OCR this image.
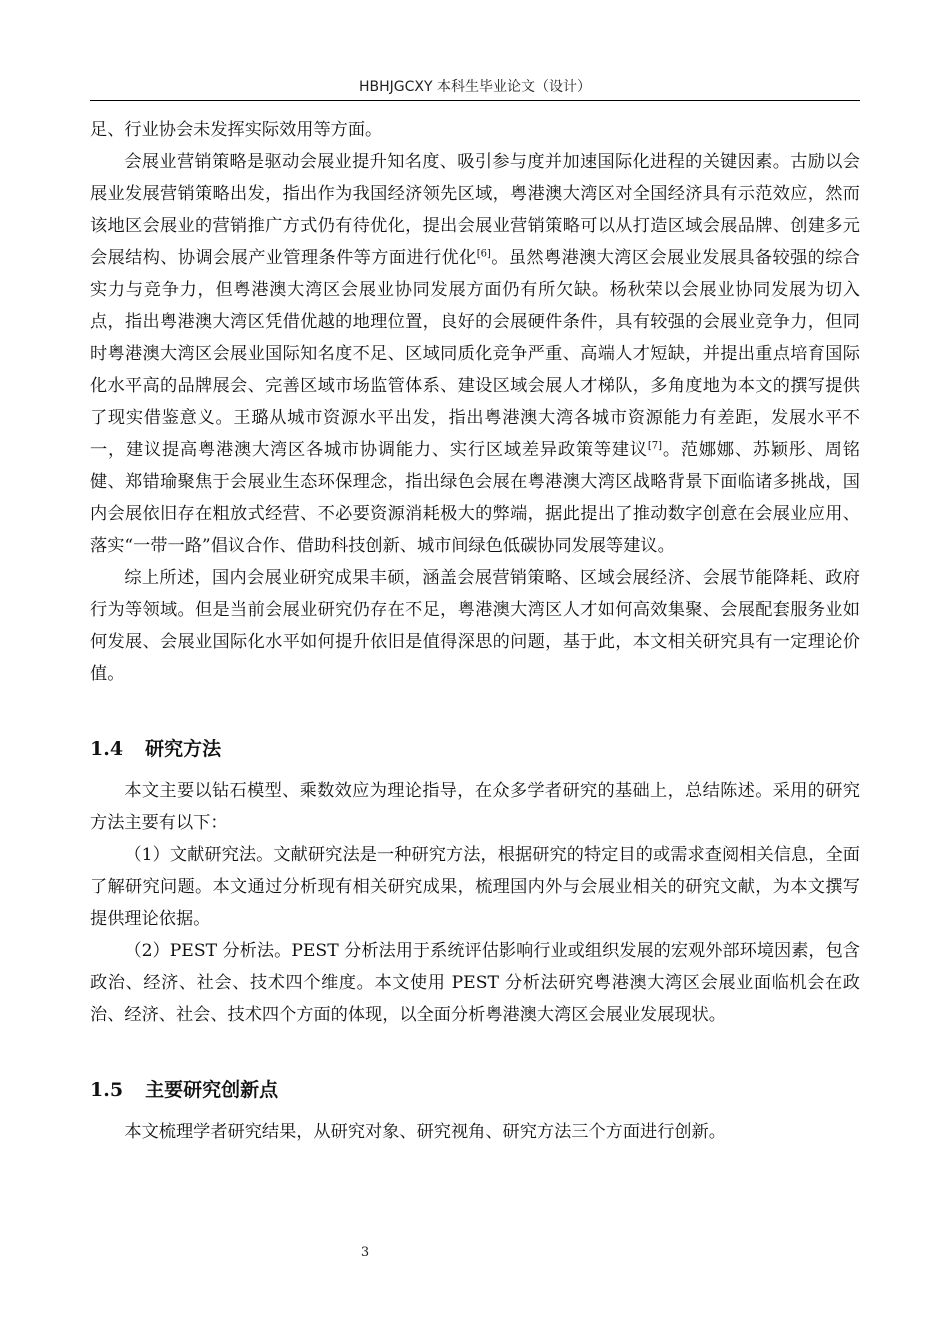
HBHJGCXY 本科生毕业论文（设计）

足、行业协会未发挥实际效用等方面。

会展业营销策略是驱动会展业提升知名度、吸引参与度并加速国际化进程的关键因素。古励以会展业发展营销策略出发，指出作为我国经济领先区域，粤港澳大湾区对全国经济具有示范效应，然而该地区会展业的营销推广方式仍有待优化，提出会展业营销策略可以从打造区域会展品牌、创建多元会展结构、协调会展产业管理条件等方面进行优化[6]。虽然粤港澳大湾区会展业发展具备较强的综合实力与竞争力，但粤港澳大湾区会展业协同发展方面仍有所欠缺。杨秋荣以会展业协同发展为切入点，指出粤港澳大湾区凭借优越的地理位置，良好的会展硬件条件，具有较强的会展业竞争力，但同时粤港澳大湾区会展业国际知名度不足、区域同质化竞争严重、高端人才短缺，并提出重点培育国际化水平高的品牌展会、完善区域市场监管体系、建设区域会展人才梯队，多角度地为本文的撰写提供了现实借鉴意义。王璐从城市资源水平出发，指出粤港澳大湾各城市资源能力有差距，发展水平不一，建议提高粤港澳大湾区各城市协调能力、实行区域差异政策等建议[7]。范娜娜、苏颖彤、周铭健、郑错瑜聚焦于会展业生态环保理念，指出绿色会展在粤港澳大湾区战略背景下面临诸多挑战，国内会展依旧存在粗放式经营、不必要资源消耗极大的弊端，据此提出了推动数字创意在会展业应用、落实“一带一路”倡议合作、借助科技创新、城市间绿色低碳协同发展等建议。

综上所述，国内会展业研究成果丰硕，涵盖会展营销策略、区域会展经济、会展节能降耗、政府行为等领域。但是当前会展业研究仍存在不足，粤港澳大湾区人才如何高效集聚、会展配套服务业如何发展、会展业国际化水平如何提升依旧是值得深思的问题，基于此，本文相关研究具有一定理论价值。

1.4 研究方法

本文主要以钻石模型、乘数效应为理论指导，在众多学者研究的基础上，总结陈述。采用的研究方法主要有以下：

（1）文献研究法。文献研究法是一种研究方法，根据研究的特定目的或需求查阅相关信息，全面了解研究问题。本文通过分析现有相关研究成果，梳理国内外与会展业相关的研究文献，为本文撰写提供理论依据。

（2）PEST 分析法。PEST 分析法用于系统评估影响行业或组织发展的宏观外部环境因素，包含政治、经济、社会、技术四个维度。本文使用 PEST 分析法研究粤港澳大湾区会展业面临机会在政治、经济、社会、技术四个方面的体现，以全面分析粤港澳大湾区会展业发展现状。

1.5 主要研究创新点

本文梳理学者研究结果，从研究对象、研究视角、研究方法三个方面进行创新。

3
